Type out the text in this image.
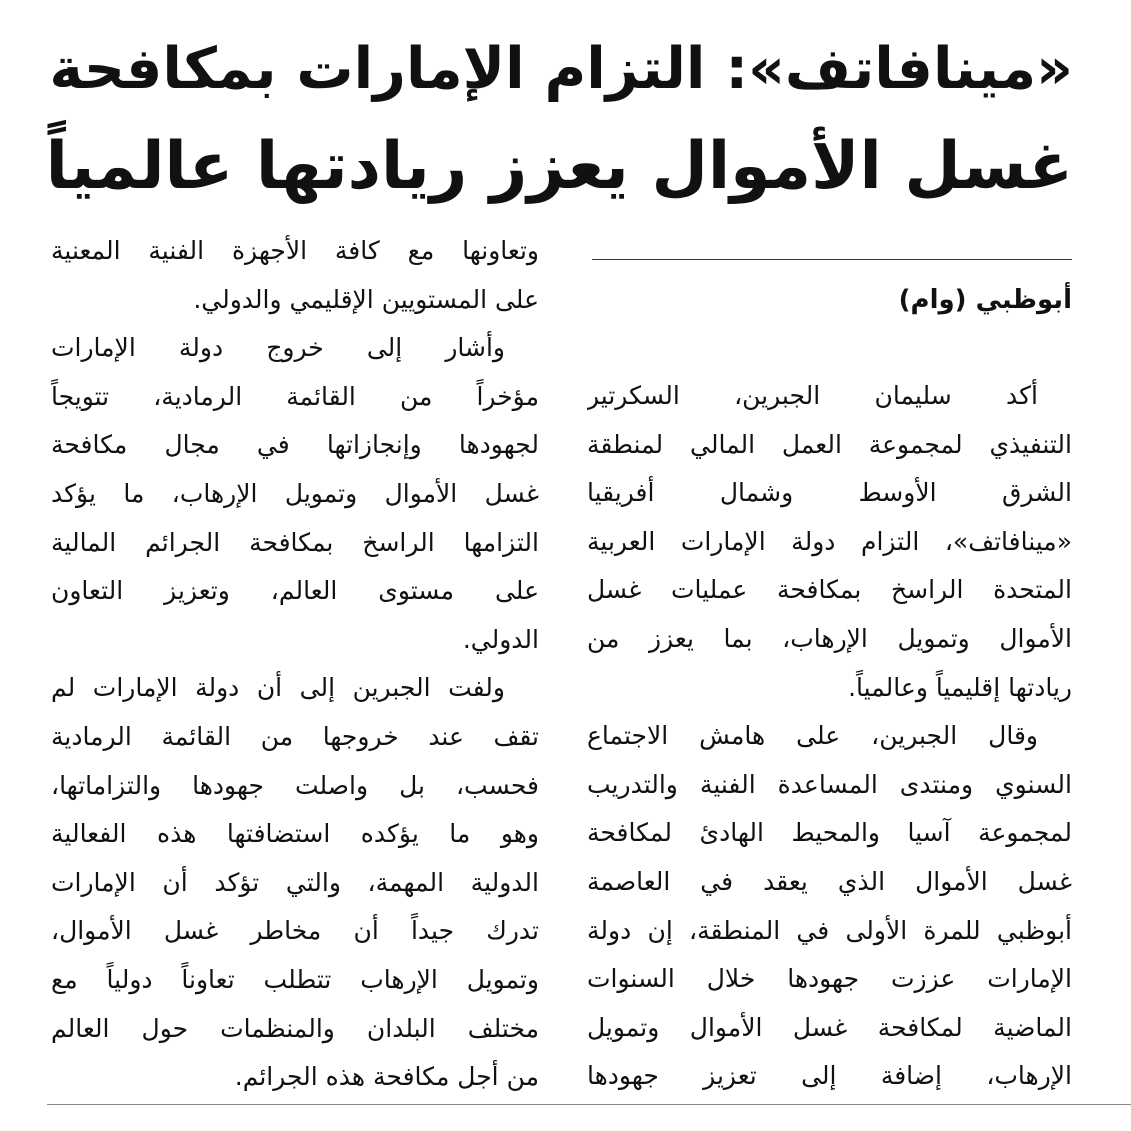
«مينافاتف»: التزام الإمارات بمكافحة
غسل الأموال يعزز ريادتها عالمياً
أبوظبي (وام)
أكد سليمان الجبرين، السكرتير
التنفيذي لمجموعة العمل المالي لمنطقة
الشرق الأوسط وشمال أفريقيا
«مينافاتف»، التزام دولة الإمارات العربية
المتحدة الراسخ بمكافحة عمليات غسل
الأموال وتمويل الإرهاب، بما يعزز من
ريادتها إقليمياً وعالمياً.
وقال الجبرين، على هامش الاجتماع
السنوي ومنتدى المساعدة الفنية والتدريب
لمجموعة آسيا والمحيط الهادئ لمكافحة
غسل الأموال الذي يعقد في العاصمة
أبوظبي للمرة الأولى في المنطقة، إن دولة
الإمارات عززت جهودها خلال السنوات
الماضية لمكافحة غسل الأموال وتمويل
الإرهاب، إضافة إلى تعزيز جهودها
وتعاونها مع كافة الأجهزة الفنية المعنية
على المستويين الإقليمي والدولي.
وأشار إلى خروج دولة الإمارات
مؤخراً من القائمة الرمادية، تتويجاً
لجهودها وإنجازاتها في مجال مكافحة
غسل الأموال وتمويل الإرهاب، ما يؤكد
التزامها الراسخ بمكافحة الجرائم المالية
على مستوى العالم، وتعزيز التعاون
الدولي.
ولفت الجبرين إلى أن دولة الإمارات لم
تقف عند خروجها من القائمة الرمادية
فحسب، بل واصلت جهودها والتزاماتها،
وهو ما يؤكده استضافتها هذه الفعالية
الدولية المهمة، والتي تؤكد أن الإمارات
تدرك جيداً أن مخاطر غسل الأموال،
وتمويل الإرهاب تتطلب تعاوناً دولياً مع
مختلف البلدان والمنظمات حول العالم
من أجل مكافحة هذه الجرائم.
